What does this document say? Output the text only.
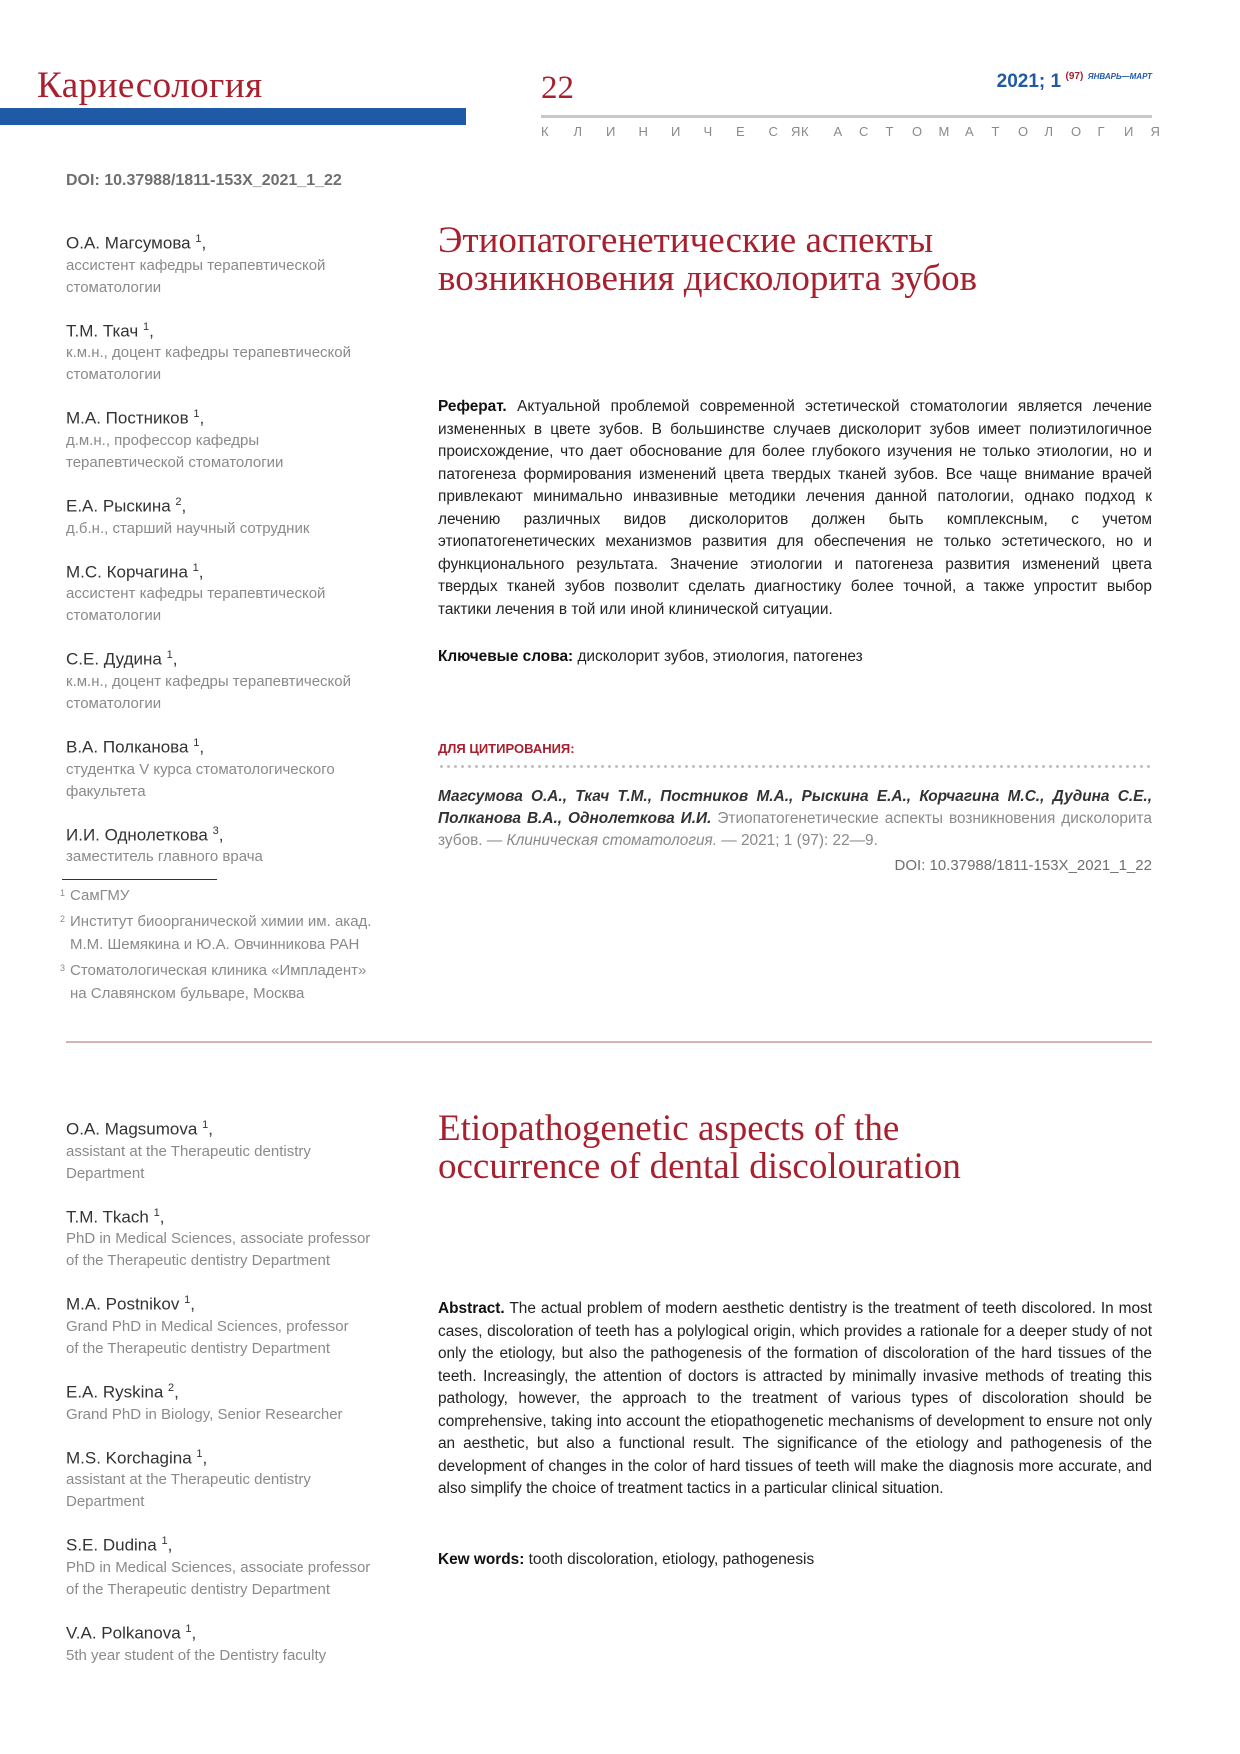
Кариесология	22	2021; 1 $^{(97)}$ $^{ЯНВАРЬ—МАРТ}$
К Л И Н И Ч Е С К А
Я	С Т О М А Т О Л О Г И Я
DOI: 10.37988/1811-153X_2021_1_22
О.А. Магсумова $^1$,
ассистент кафедры терапевтической
стоматологии
Т.М. Ткач $^1$,
к.м.н., доцент кафедры терапевтической
стоматологии
М.А. Постников $^1$,
д.м.н., профессор кафедры
терапевтической стоматологии
Е.А. Рыскина $^2$,
д.б.н., старший научный сотрудник
М.С. Корчагина $^1$,
ассистент кафедры терапевтической
стоматологии
С.Е. Дудина $^1$,
к.м.н., доцент кафедры терапевтической
стоматологии
В.А. Полканова $^1$,
студентка V курса стоматологического
факультета
И.И. Однолеткова $^3$,
заместитель главного врача
1 СамГМУ
2 Институт биоорганической химии им. акад.
М.М. Шемякина и Ю.А. Овчинникова РАН
3 Стоматологическая клиника «Импладент»
на Славянском бульваре, Москва
Этиопатогенетические аспекты
возникновения дисколорита зубов
Реферат. Актуальной проблемой современной эстетической стоматологии является лечение измененных в цвете зубов. В большинстве случаев дисколорит зубов имеет полиэтилогичное происхождение, что дает обоснование для более глубокого изучения не только этиологии, но и патогенеза формирования изменений цвета твердых тканей зубов. Все чаще внимание врачей привлекают минимально инвазивные методики лечения данной патологии, однако подход к лечению различных видов дисколоритов должен быть комплексным, с учетом этиопатогенетических механизмов развития для обеспечения не только эстетического, но и функционального результата. Значение этиологии и патогенеза развития изменений цвета твердых тканей зубов позволит сделать диагностику более точной, а также упростит выбор тактики лечения в той или иной клинической ситуации.
Ключевые слова: дисколорит зубов, этиология, патогенез
ДЛЯ ЦИТИРОВАНИЯ:
Магсумова О.А., Ткач Т.М., Постников М.А., Рыскина Е.А., Корчагина М.С., Дудина С.Е., Полканова В.А., Однолеткова И.И. Этиопатогенетические аспекты возникновения дисколорита зубов. — Клиническая стоматология. — 2021; 1 (97): 22—9.
DOI: 10.37988/1811-153X_2021_1_22
O.A. Magsumova $^1$,
assistant at the Therapeutic dentistry
Department
T.M. Tkach $^1$,
PhD in Medical Sciences, associate professor
of the Therapeutic dentistry Department
M.A. Postnikov $^1$,
Grand PhD in Medical Sciences, professor
of the Therapeutic dentistry Department
E.A. Ryskina $^2$,
Grand PhD in Biology, Senior Researcher
M.S. Korchagina $^1$,
assistant at the Therapeutic dentistry
Department
S.E. Dudina $^1$,
PhD in Medical Sciences, associate professor
of the Therapeutic dentistry Department
V.A. Polkanova $^1$,
5th year student of the Dentistry faculty
Etiopathogenetic aspects of the
occurrence of dental discolouration
Abstract. The actual problem of modern aesthetic dentistry is the treatment of teeth discolored. In most cases, discoloration of teeth has a polylogical origin, which provides a rationale for a deeper study of not only the etiology, but also the pathogenesis of the formation of discoloration of the hard tissues of the teeth. Increasingly, the attention of doctors is attracted by minimally invasive methods of treating this pathology, however, the approach to the treatment of various types of discoloration should be comprehensive, taking into account the etiopathogenetic mechanisms of development to ensure not only an aesthetic, but also a functional result. The significance of the etiology and pathogenesis of the development of changes in the color of hard tissues of teeth will make the diagnosis more accurate, and also simplify the choice of treatment tactics in a particular clinical situation.
Kew words: tooth discoloration, etiology, pathogenesis
